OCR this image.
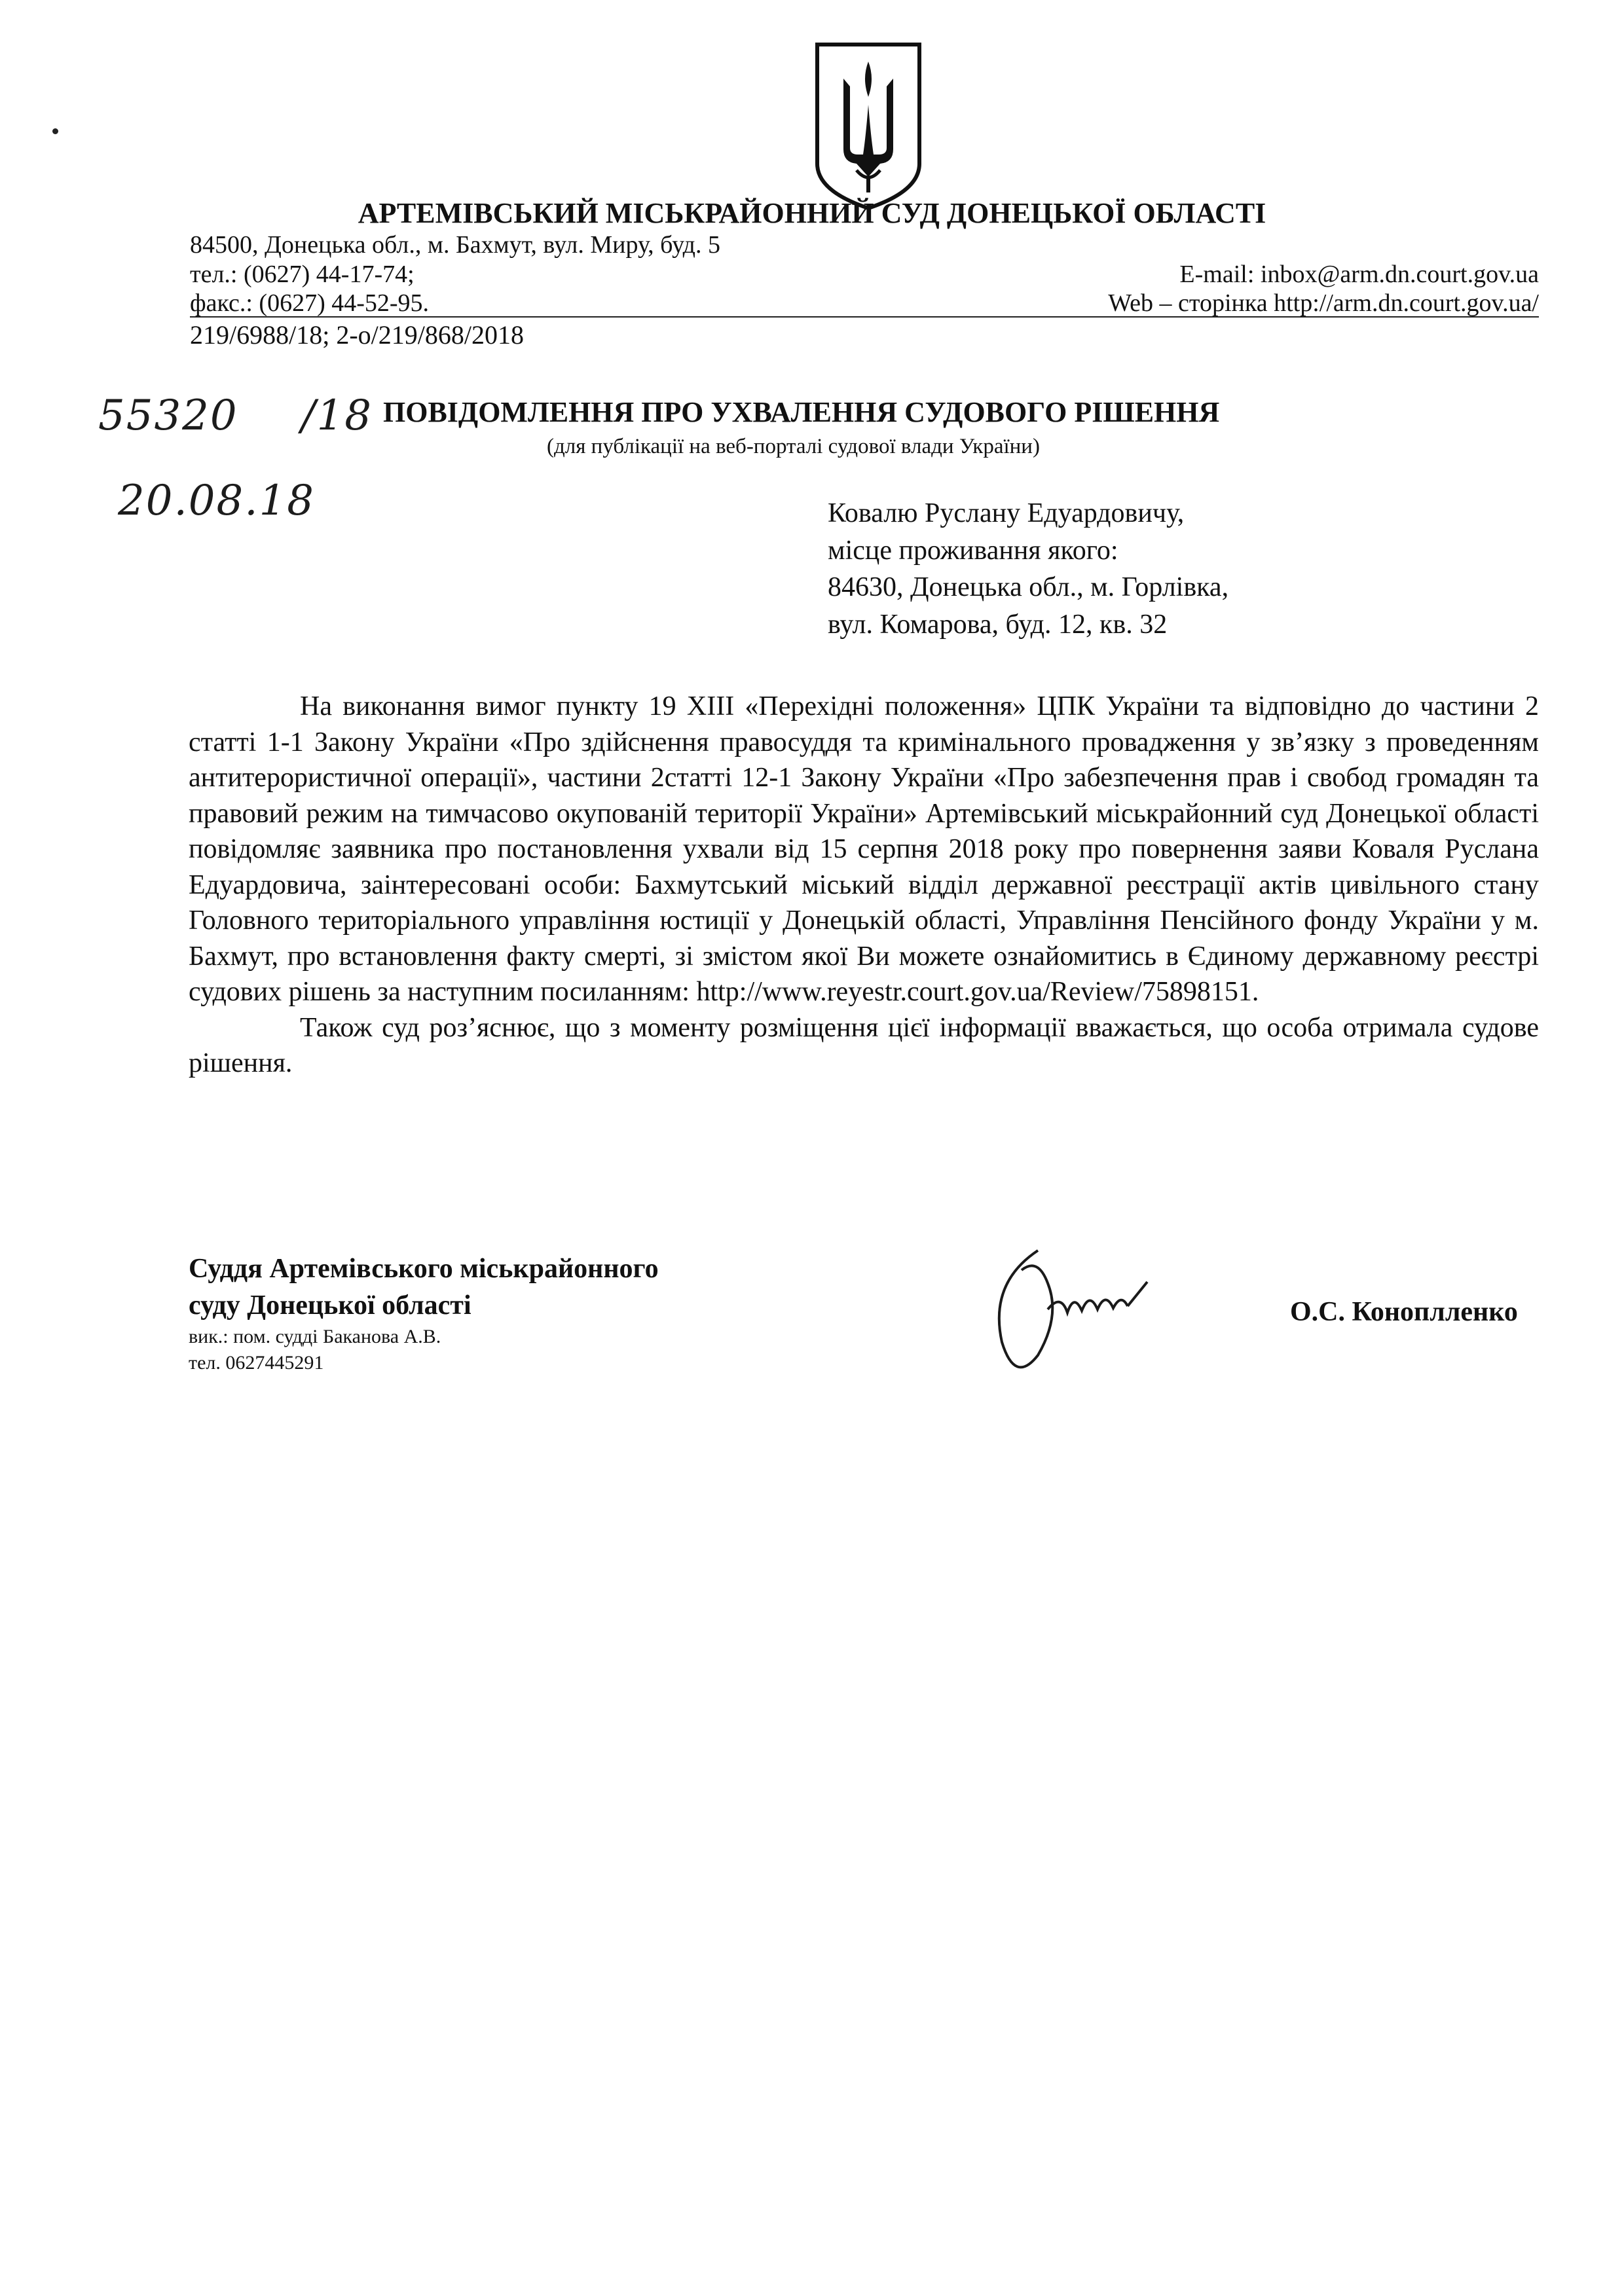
АРТЕМІВСЬКИЙ МІСЬКРАЙОННИЙ СУД ДОНЕЦЬКОЇ ОБЛАСТІ
84500, Донецька обл., м. Бахмут, вул. Миру, буд. 5
тел.: (0627) 44-17-74;
факс.: (0627) 44-52-95.
E-mail: inbox@arm.dn.court.gov.ua
Web – сторінка http://arm.dn.court.gov.ua/
219/6988/18; 2-о/219/868/2018
55320 /18
20.08.18
ПОВІДОМЛЕННЯ ПРО УХВАЛЕННЯ СУДОВОГО РІШЕННЯ
(для публікації на веб-порталі судової влади України)
Ковалю Руслану Едуардовичу,
місце проживання якого:
84630, Донецька обл., м. Горлівка,
вул. Комарова, буд. 12, кв. 32

На виконання вимог пункту 19 ХIII «Перехідні положення» ЦПК України та відповідно до частини 2 статті 1-1 Закону України «Про здійснення правосуддя та кримінального провадження у зв’язку з проведенням антитерористичної операції», частини 2статті 12-1 Закону України «Про забезпечення прав і свобод громадян та правовий режим на тимчасово окупованій території України» Артемівський міськрайонний суд Донецької області повідомляє заявника про постановлення ухвали від 15 серпня 2018 року про повернення заяви Коваля Руслана Едуардовича, заінтересовані особи: Бахмутський міський відділ державної реєстрації актів цивільного стану Головного територіального управління юстиції у Донецькій області, Управління Пенсійного фонду України у м. Бахмут, про встановлення факту смерті, зі змістом якої Ви можете ознайомитись в Єдиному державному реєстрі судових рішень за наступним посиланням: http://www.reyestr.court.gov.ua/Review/75898151.

Також суд роз’яснює, що з моменту розміщення цієї інформації вважається, що особа отримала судове рішення.

Суддя Артемівського міськрайонного
суду Донецької області
вик.: пом. судді Баканова А.В.
тел. 0627445291
О.С. Коноплленко
